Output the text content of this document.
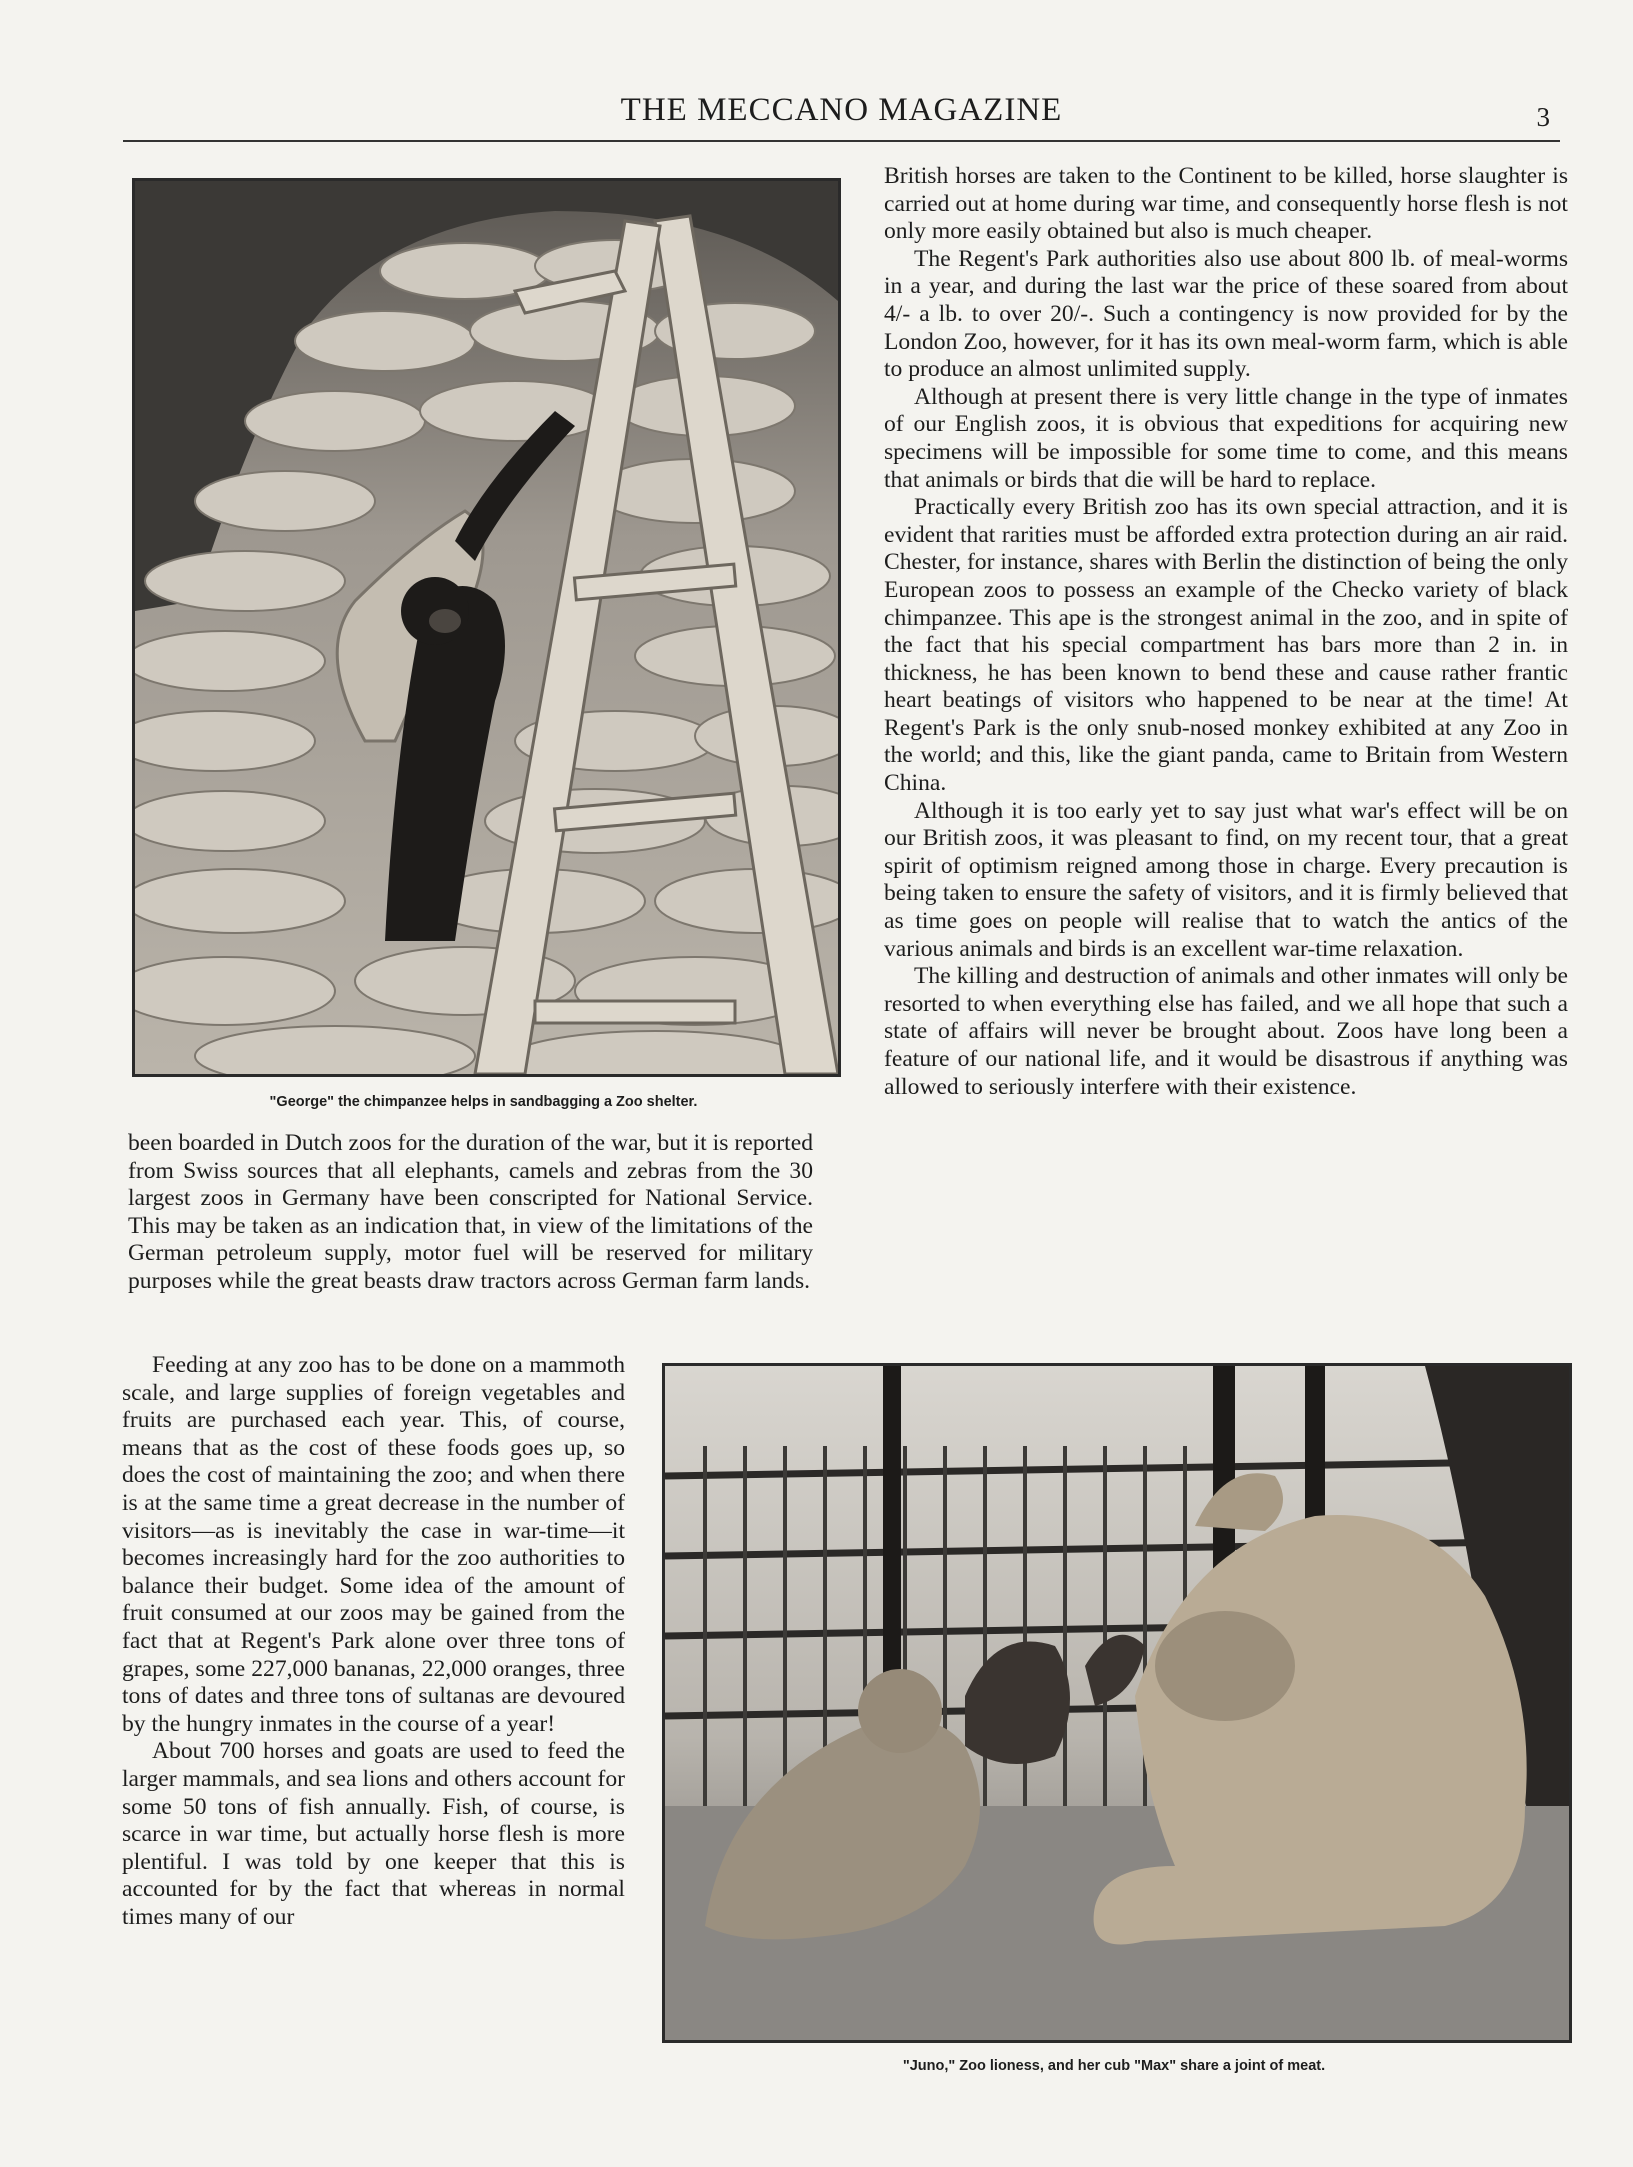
THE MECCANO MAGAZINE	3
"George" the chimpanzee helps in sandbagging a Zoo shelter.

British horses are taken to the Continent to be killed, horse slaughter is carried out at home during war time, and consequently horse flesh is not only more easily obtained but also is much cheaper.

The Regent's Park authorities also use about 800 lb. of meal-worms in a year, and during the last war the price of these soared from about 4/- a lb. to over 20/-. Such a contingency is now provided for by the London Zoo, however, for it has its own meal-worm farm, which is able to produce an almost unlimited supply.

Although at present there is very little change in the type of inmates of our English zoos, it is obvious that expeditions for acquiring new specimens will be impossible for some time to come, and this means that animals or birds that die will be hard to replace.

Practically every British zoo has its own special attraction, and it is evident that rarities must be afforded extra protection during an air raid. Chester, for instance, shares with Berlin the distinction of being the only European zoos to possess an example of the Checko variety of black chimpanzee. This ape is the strongest animal in the zoo, and in spite of the fact that his special compartment has bars more than 2 in. in thickness, he has been known to bend these and cause rather frantic heart beatings of visitors who happened to be near at the time! At Regent's Park is the only snub-nosed monkey exhibited at any Zoo in the world; and this, like the giant panda, came to Britain from Western China.

Although it is too early yet to say just what war's effect will be on our British zoos, it was pleasant to find, on my recent tour, that a great spirit of optimism reigned among those in charge. Every precaution is being taken to ensure the safety of visitors, and it is firmly believed that as time goes on people will realise that to watch the antics of the various animals and birds is an excellent war-time relaxation.

The killing and destruction of animals and other inmates will only be resorted to when everything else has failed, and we all hope that such a state of affairs will never be brought about. Zoos have long been a feature of our national life, and it would be disastrous if anything was allowed to seriously interfere with their existence.

been boarded in Dutch zoos for the duration of the war, but it is reported from Swiss sources that all elephants, camels and zebras from the 30 largest zoos in Germany have been conscripted for National Service. This may be taken as an indication that, in view of the limitations of the German petroleum supply, motor fuel will be reserved for military purposes while the great beasts draw tractors across German farm lands.

Feeding at any zoo has to be done on a mammoth scale, and large supplies of foreign vegetables and fruits are purchased each year. This, of course, means that as the cost of these foods goes up, so does the cost of maintaining the zoo; and when there is at the same time a great decrease in the number of visitors—as is inevitably the case in war-time—it becomes increasingly hard for the zoo authorities to balance their budget. Some idea of the amount of fruit consumed at our zoos may be gained from the fact that at Regent's Park alone over three tons of grapes, some 227,000 bananas, 22,000 oranges, three tons of dates and three tons of sultanas are devoured by the hungry inmates in the course of a year!

About 700 horses and goats are used to feed the larger mammals, and sea lions and others account for some 50 tons of fish annually. Fish, of course, is scarce in war time, but actually horse flesh is more plentiful. I was told by one keeper that this is accounted for by the fact that whereas in normal times many of our

"Juno," Zoo lioness, and her cub "Max" share a joint of meat.
